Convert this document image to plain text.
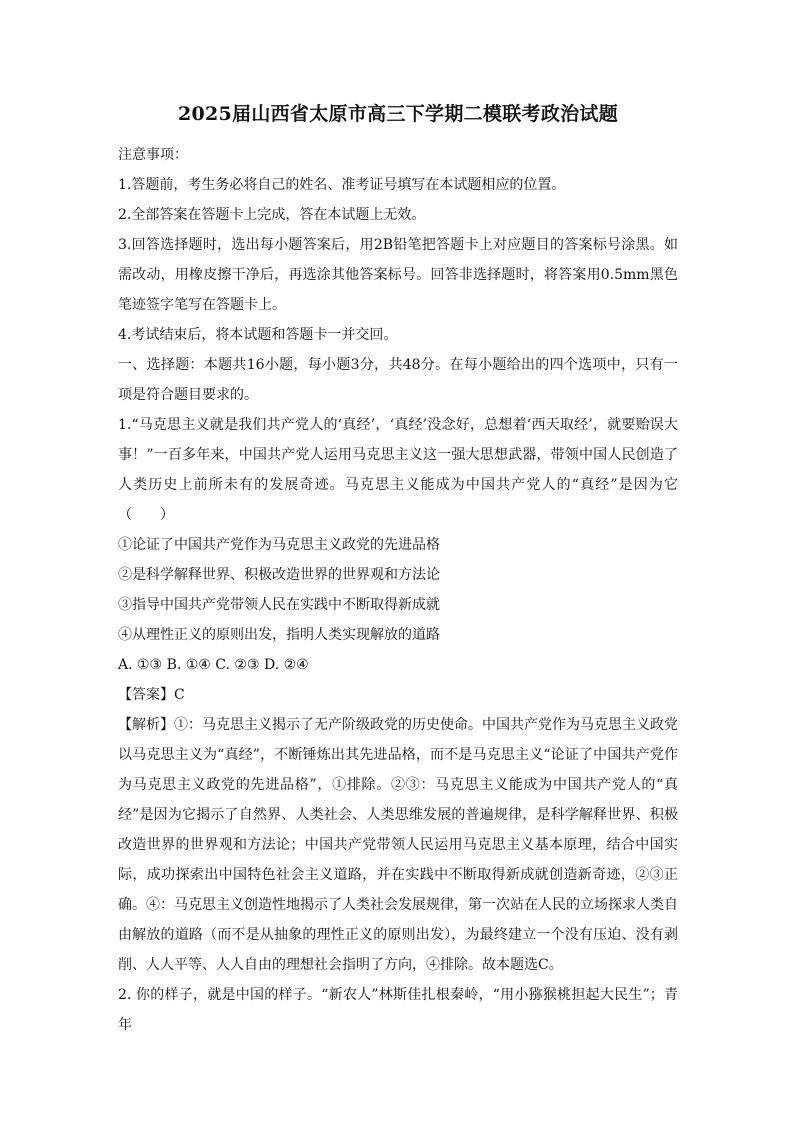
2025届山西省太原市高三下学期二模联考政治试题

注意事项：

1.答题前，考生务必将自己的姓名、准考证号填写在本试题相应的位置。

2.全部答案在答题卡上完成，答在本试题上无效。

3.回答选择题时，选出每小题答案后，用2B铅笔把答题卡上对应题目的答案标号涂黑。如需改动，用橡皮擦干净后，再选涂其他答案标号。回答非选择题时，将答案用0.5mm黑色笔迹签字笔写在答题卡上。

4.考试结束后，将本试题和答题卡一并交回。

一、选择题：本题共16小题，每小题3分，共48分。在每小题给出的四个选项中，只有一项是符合题目要求的。

1.“马克思主义就是我们共产党人的‘真经’，‘真经’没念好，总想着‘西天取经’，就要贻误大事！”一百多年来，中国共产党人运用马克思主义这一强大思想武器，带领中国人民创造了人类历史上前所未有的发展奇迹。马克思主义能成为中国共产党人的“真经”是因为它（　　）

①论证了中国共产党作为马克思主义政党的先进品格

②是科学解释世界、积极改造世界的世界观和方法论

③指导中国共产党带领人民在实践中不断取得新成就

④从理性正义的原则出发，指明人类实现解放的道路

A. ①③ B. ①④ C. ②③ D. ②④

【答案】C

【解析】①：马克思主义揭示了无产阶级政党的历史使命。中国共产党作为马克思主义政党以马克思主义为“真经”，不断锤炼出其先进品格，而不是马克思主义“论证了中国共产党作为马克思主义政党的先进品格”，①排除。②③：马克思主义能成为中国共产党人的“真经”是因为它揭示了自然界、人类社会、人类思维发展的普遍规律，是科学解释世界、积极改造世界的世界观和方法论；中国共产党带领人民运用马克思主义基本原理，结合中国实际，成功探索出中国特色社会主义道路，并在实践中不断取得新成就创造新奇迹，②③正确。④：马克思主义创造性地揭示了人类社会发展规律，第一次站在人民的立场探求人类自由解放的道路（而不是从抽象的理性正义的原则出发），为最终建立一个没有压迫、没有剥削、人人平等、人人自由的理想社会指明了方向，④排除。故本题选C。

2. 你的样子，就是中国的样子。“新农人”林斯佳扎根秦岭，“用小猕猴桃担起大民生”；青年
